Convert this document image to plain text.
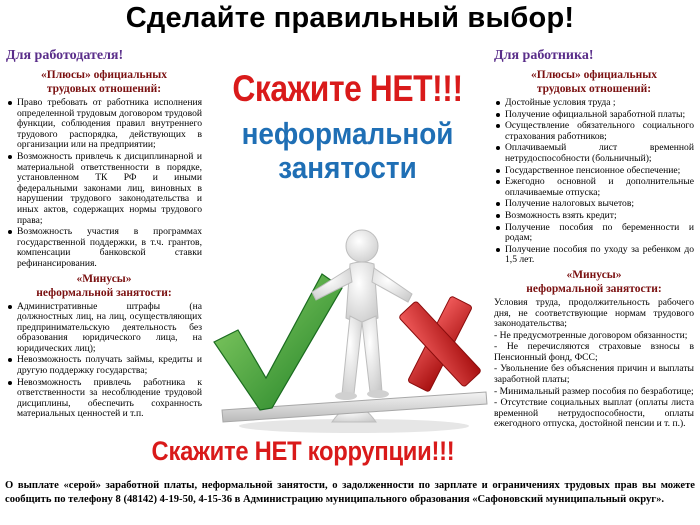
Сделайте правильный выбор!
Для работодателя!
«Плюсы» официальных
трудовых отношений:
Право требовать от работника исполнения определенной трудовым договором трудовой функции, соблюдения правил внутреннего трудового распорядка, действующих в организации или на предприятии;
Возможность привлечь к дисциплинарной и материальной ответственности в порядке, установленном ТК РФ и иными федеральными законами лиц, виновных в нарушении трудового законодательства и иных актов, содержащих нормы трудового права;
Возможность участия в программах государственной поддержки, в т.ч. грантов, компенсации банковской ставки рефинансирования.
«Минусы»
неформальной занятости:
Административные штрафы (на должностных лиц, на лиц, осуществляющих предпринимательскую деятельность без образования юридического лица, на юридических лиц);
Невозможность получать займы, кредиты и другую поддержку государства;
Невозможность привлечь работника к ответственности за несоблюдение трудовой дисциплины, обеспечить сохранность материальных ценностей и т.п.
Для работника!
«Плюсы» официальных
трудовых отношений:
Достойные условия труда ;
Получение официальной заработной платы;
Осуществление обязательного социального страхования работников;
Оплачиваемый лист временной нетрудоспособности (больничный);
Государственное пенсионное обеспечение;
Ежегодно основной и дополнительные оплачиваемые отпуска;
Получение налоговых вычетов;
Возможность взять кредит;
Получение пособия по беременности и родам;
Получение пособия по уходу за ребенком до 1,5 лет.
«Минусы»
неформальной занятости:

Условия труда, продолжительность рабочего дня, не соответствующие нормам трудового законодательства;

- Не предусмотренные договором обязанности;

- Не перечисляются страховые взносы в Пенсионный фонд, ФСС;

- Увольнение без объяснения причин и выплаты заработной платы;

- Минимальный размер пособия по безработице;

- Отсутствие социальных выплат (оплаты листа временной нетрудоспособности, оплаты ежегодного отпуска, достойной пенсии и т. п.).

Скажите НЕТ!!!
неформальной
занятости
Скажите НЕТ коррупции!!!
О выплате «серой» заработной платы, неформальной занятости, о задолженности по зарплате и ограничениях трудовых прав вы можете сообщить по телефону 8 (48142) 4-19-50, 4-15-36 в Администрацию муниципального образования «Сафоновский муниципальный округ».
